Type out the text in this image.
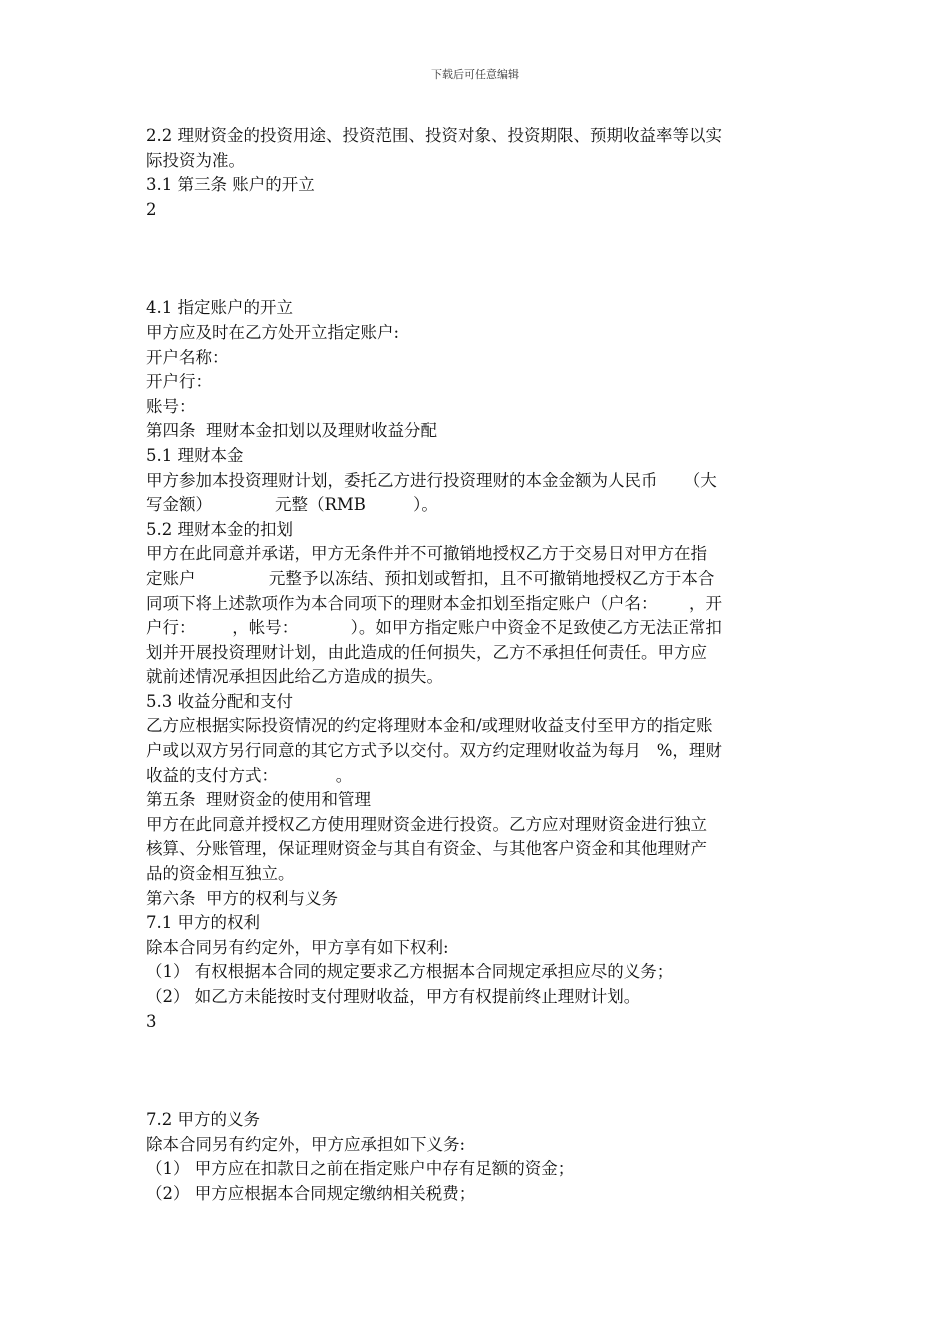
下载后可任意编辑
2.2 理财资金的投资用途、投资范围、投资对象、投资期限、预期收益率等以实
际投资为准。
3.1 第三条 账户的开立
2
4.1 指定账户的开立
甲方应及时在乙方处开立指定账户:
开户名称：
开户行：
账号：
第四条  理财本金扣划以及理财收益分配
5.1 理财本金
甲方参加本投资理财计划，委托乙方进行投资理财的本金金额为人民币     （大
写金额）            元整（RMB         ）。
5.2 理财本金的扣划
甲方在此同意并承诺，甲方无条件并不可撤销地授权乙方于交易日对甲方在指
定账户              元整予以冻结、预扣划或暂扣，且不可撤销地授权乙方于本合
同项下将上述款项作为本合同项下的理财本金扣划至指定账户（户名：      ，开
户行：       ，帐号：          ）。如甲方指定账户中资金不足致使乙方无法正常扣
划并开展投资理财计划，由此造成的任何损失，乙方不承担任何责任。甲方应
就前述情况承担因此给乙方造成的损失。
5.3 收益分配和支付
乙方应根据实际投资情况的约定将理财本金和/或理财收益支付至甲方的指定账
户或以双方另行同意的其它方式予以交付。双方约定理财收益为每月   %，理财
收益的支付方式：           。
第五条  理财资金的使用和管理
甲方在此同意并授权乙方使用理财资金进行投资。乙方应对理财资金进行独立
核算、分账管理，保证理财资金与其自有资金、与其他客户资金和其他理财产
品的资金相互独立。
第六条  甲方的权利与义务
7.1 甲方的权利
除本合同另有约定外，甲方享有如下权利:
（1） 有权根据本合同的规定要求乙方根据本合同规定承担应尽的义务；
（2） 如乙方未能按时支付理财收益，甲方有权提前终止理财计划。
3
7.2 甲方的义务
除本合同另有约定外，甲方应承担如下义务:
（1） 甲方应在扣款日之前在指定账户中存有足额的资金；
（2） 甲方应根据本合同规定缴纳相关税费；
